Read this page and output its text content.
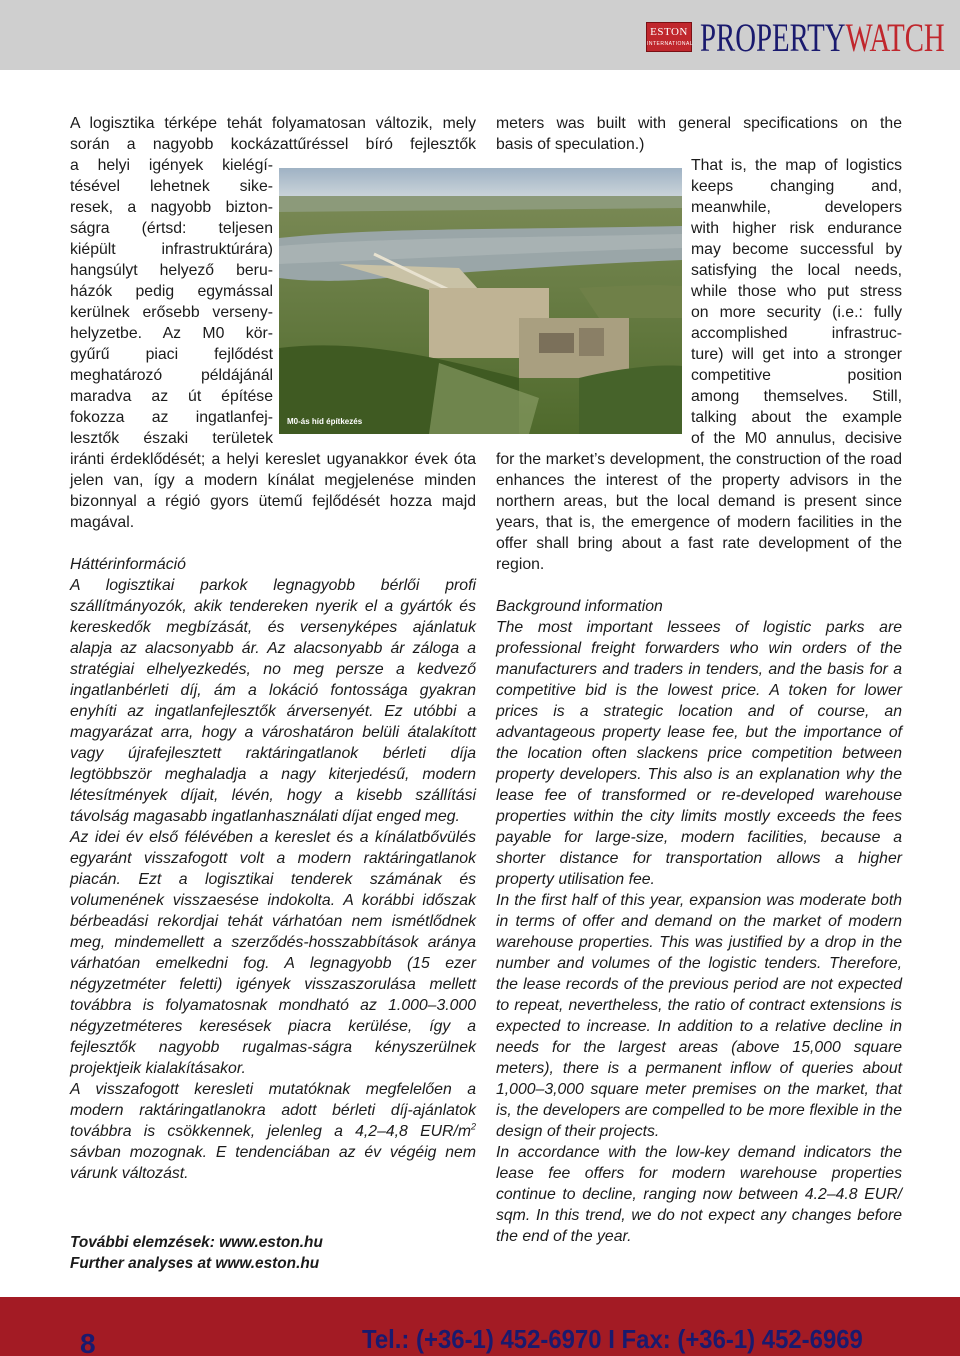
ESTON
INTERNATIONAL PROPERTYWATCH
A logisztika térképe tehát folyamatosan változik, mely
során a nagyobb kockázattűréssel bíró fejlesztők
a helyi igények kielégí-
tésével lehetnek sike-
resek, a nagyobb bizton-
ságra (értsd: teljesen
kiépült infrastruktúrára)
hangsúlyt helyező beru-
házók pedig egymással
kerülnek erősebb verseny-
helyzetbe. Az M0 kör-
gyűrű piaci fejlődést
meghatározó példájánál
maradva az út építése
fokozza az ingatlanfej-
lesztők északi területek

iránti érdeklődését; a helyi kereslet ugyanakkor évek óta jelen van, így a modern kínálat megjelenése minden bizonnyal a régió gyors ütemű fejlődését hozza majd magával.

Háttérinformáció

A logisztikai parkok legnagyobb bérlői profi szállítmányozók, akik tendereken nyerik el a gyártók és kereskedők megbízását, és versenyképes ajánlatuk alapja az alacsonyabb ár. Az alacsonyabb ár záloga a stratégiai elhelyezkedés, no meg persze a kedvező ingatlanbérleti díj, ám a lokáció fontossága gyakran enyhíti az ingatlanfejlesztők árversenyét. Ez utóbbi a magyarázat arra, hogy a városhatáron belüli átalakított vagy újrafejlesztett raktáringatlanok bérleti díja legtöbbször meghaladja a nagy kiterjedésű, modern létesítmények díjait, lévén, hogy a kisebb szállítási távolság magasabb ingatlanhasználati díjat enged meg.

Az idei év első félévében a kereslet és a kínálatbővülés egyaránt visszafogott volt a modern raktáringatlanok piacán. Ezt a logisztikai tenderek számának és volumenének visszaesése indokolta. A korábbi időszak bérbeadási rekordjai tehát várhatóan nem ismétlődnek meg, mindemellett a szerződés-hosszabbítások aránya várhatóan emelkedni fog. A legnagyobb (15 ezer négyzetméter feletti) igények visszaszorulása mellett továbbra is folyamatosnak mondható az 1.000–3.000 négyzetméteres keresések piacra kerülése, így a fejlesztők nagyobb rugalmas-ságra kényszerülnek projektjeik kialakításakor.

A visszafogott keresleti mutatóknak megfelelően a modern raktáringatlanokra adott bérleti díj-ajánlatok továbbra is csökkennek, jelenleg a 4,2–4,8 EUR/$m^2$ sávban mozognak. E tendenciában az év végéig nem várunk változást.

M0-ás híd építkezés
meters was built with general specifications on the
basis of speculation.)
That is, the map of logistics
keeps changing and,
meanwhile, developers
with higher risk endurance
may become successful by
satisfying the local needs,
while those who put stress
on more security (i.e.: fully
accomplished infrastruc-
ture) will get into a stronger
competitive position
among themselves. Still,
talking about the example
of the M0 annulus, decisive

for the market’s development, the construction of the road enhances the interest of the property advisors in the northern areas, but the local demand is present since years, that is, the emergence of modern facilities in the offer shall bring about a fast rate development of the region.

Background information

The most important lessees of logistic parks are professional freight forwarders who win orders of the manufacturers and traders in tenders, and the basis for a competitive bid is the lowest price. A token for lower prices is a strategic location and of course, an advantageous property lease fee, but the importance of the location often slackens price competition between property developers. This also is an explanation why the lease fee of transformed or re-developed warehouse properties within the city limits mostly exceeds the fees payable for large-size, modern facilities, because a shorter distance for transportation allows a higher property utilisation fee.

In the first half of this year, expansion was moderate both in terms of offer and demand on the market of modern warehouse properties. This was justified by a drop in the number and volumes of the logistic tenders. Therefore, the lease records of the previous period are not expected to repeat, nevertheless, the ratio of contract extensions is expected to increase. In addition to a relative decline in needs for the largest areas (above 15,000 square meters), there is a permanent inflow of queries about 1,000–3,000 square meter premises on the market, that is, the developers are compelled to be more flexible in the design of their projects.

In accordance with the low-key demand indicators the lease fee offers for modern warehouse properties continue to decline, ranging now between 4.2–4.8 EUR/ sqm. In this trend, we do not expect any changes before the end of the year.

További elemzések: www.eston.hu
Further analyses at www.eston.hu
8	Tel.: (+36-1) 452-6970 I Fax: (+36-1) 452-6969
